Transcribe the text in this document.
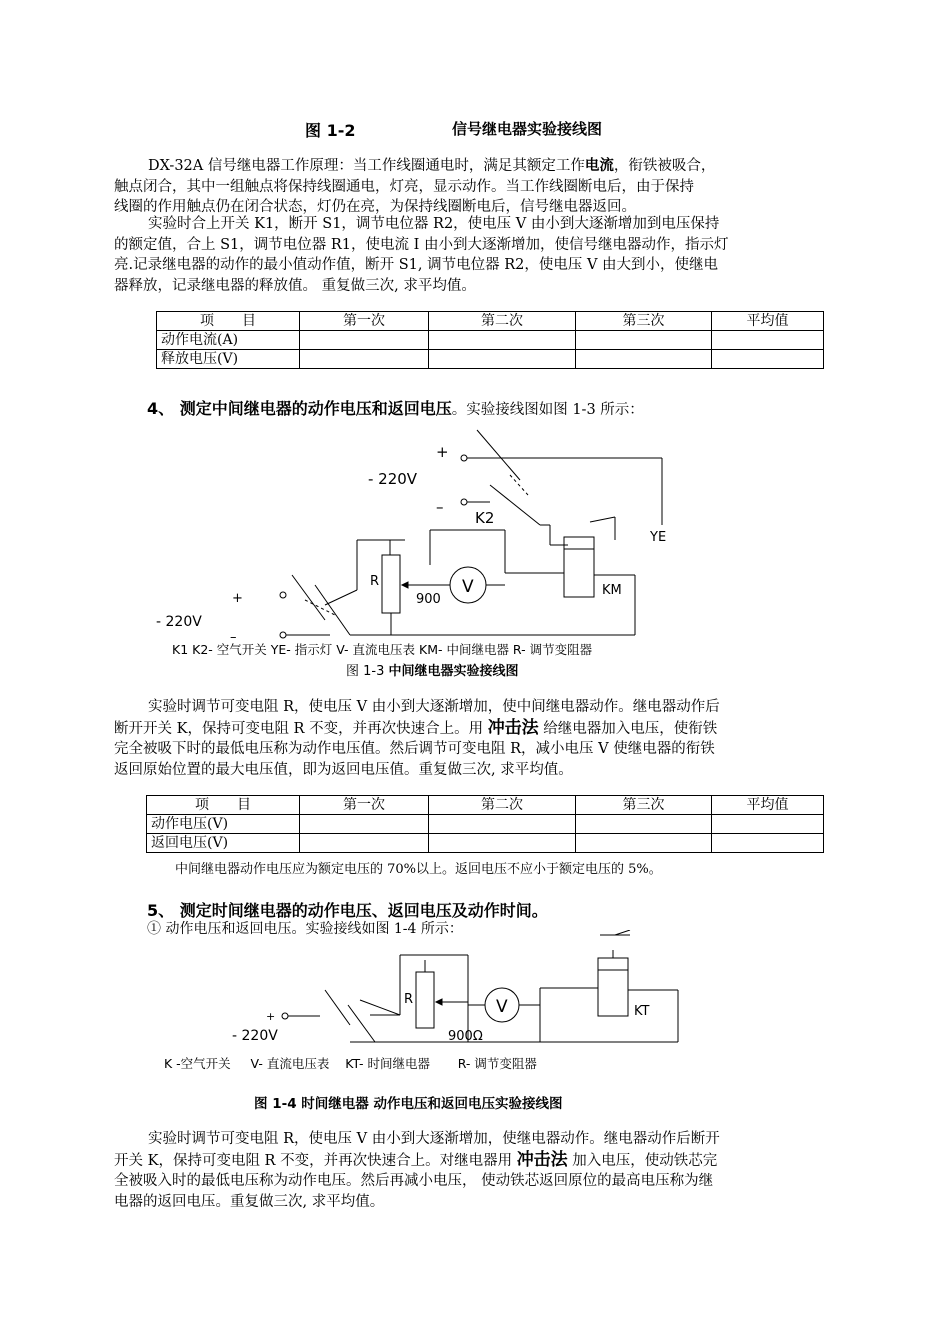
图 1-2	信号继电器实验接线图
DX-32A 信号继电器工作原理：当工作线圈通电时，满足其额定工作电流，衔铁被吸合，
触点闭合，其中一组触点将保持线圈通电，灯亮，显示动作。当工作线圈断电后，由于保持
线圈的作用触点仍在闭合状态，灯仍在亮，为保持线圈断电后，信号继电器返回。
实验时合上开关 K1，断开 S1，调节电位器 R2，使电压 V 由小到大逐渐增加到电压保持
的额定值，合上 S1，调节电位器 R1，使电流 I 由小到大逐渐增加，使信号继电器动作，指示灯
亮.记录继电器的动作的最小值动作值，断开 S1, 调节电位器 R2，使电压 V 由大到小，使继电
器释放，记录继电器的释放值。 重复做三次, 求平均值。
项　　目	第一次	第二次	第三次	平均值
动作电流(A)				
释放电压(V)				
4、 测定中间继电器的动作电压和返回电压。实验接线图如图 1-3 所示：
+
- 220V
–
K2
YE
R	V
900
KM
+
- 220V
–
K1 K2- 空气开关 YE- 指示灯 V- 直流电压表 KM- 中间继电器 R- 调节变阻器
图 1-3 中间继电器实验接线图
实验时调节可变电阻 R，使电压 V 由小到大逐渐增加，使中间继电器动作。继电器动作后
断开开关 K，保持可变电阻 R 不变，并再次快速合上。用 冲击法 给继电器加入电压，使衔铁
完全被吸下时的最低电压称为动作电压值。然后调节可变电阻 R，减小电压 V 使继电器的衔铁
返回原始位置的最大电压值，即为返回电压值。重复做三次, 求平均值。
项　　目	第一次	第二次	第三次	平均值
动作电压(V)				
返回电压(V)				
中间继电器动作电压应为额定电压的 70%以上。返回电压不应小于额定电压的 5%。
5、 测定时间继电器的动作电压、返回电压及动作时间。
① 动作电压和返回电压。实验接线如图 1-4 所示：
R	V	KT
+
- 220V	900Ω
K -空气开关     V- 直流电压表    KT- 时间继电器       R- 调节变阻器
图 1-4 时间继电器 动作电压和返回电压实验接线图
实验时调节可变电阻 R，使电压 V 由小到大逐渐增加，使继电器动作。继电器动作后断开
开关 K，保持可变电阻 R 不变，并再次快速合上。对继电器用 冲击法 加入电压，使动铁芯完
全被吸入时的最低电压称为动作电压。然后再减小电压， 使动铁芯返回原位的最高电压称为继
电器的返回电压。重复做三次, 求平均值。
